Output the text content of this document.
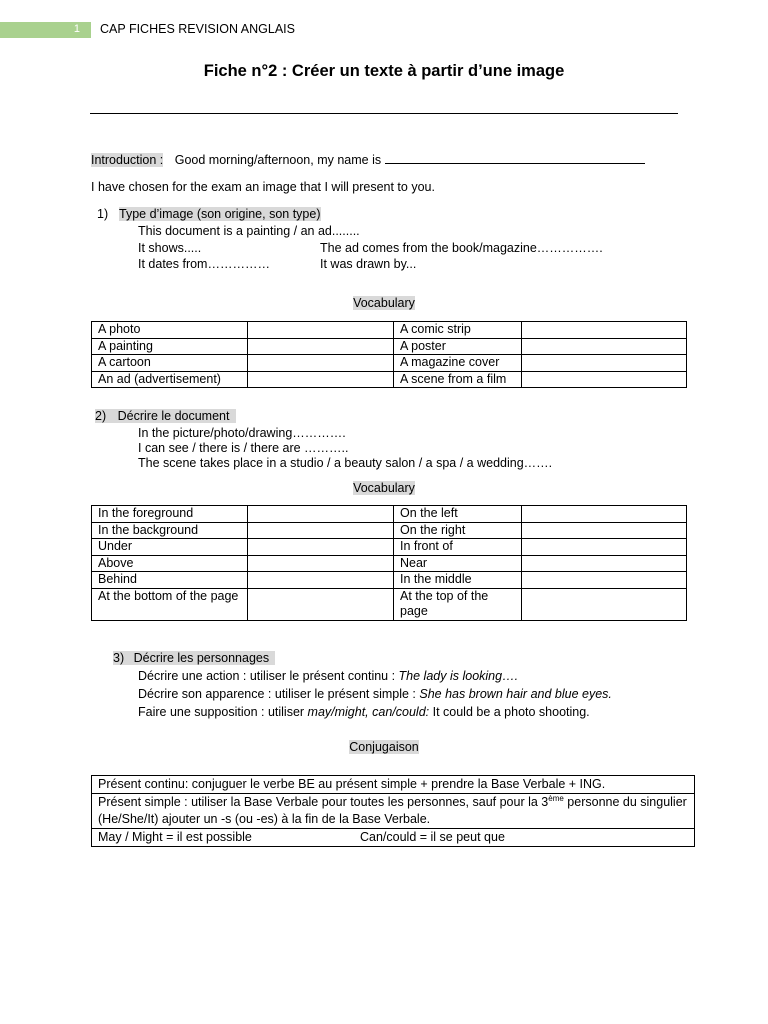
1 CAP FICHES REVISION ANGLAIS
Fiche n°2 : Créer un texte à partir d’une image
Introduction : Good morning/afternoon, my name is
I have chosen for the exam an image that I will present to you.
1) Type d’image (son origine, son type)
This document is a painting / an ad........
It shows.....	The ad comes from the book/magazine…………….
It dates from……………	It was drawn by...
Vocabulary
A photo		A comic strip	
A painting		A poster	
A cartoon		A magazine cover	
An ad (advertisement)		A scene from a film	
2) Décrire le document
In the picture/photo/drawing………….
I can see / there is / there are ………..
The scene takes place in a studio / a beauty salon / a spa / a wedding…….
Vocabulary
In the foreground		On the left	
In the background		On the right	
Under		In front of	
Above		Near	
Behind		In the middle	
At the bottom of the page		At the top of the page	
3) Décrire les personnages
Décrire une action : utiliser le présent continu : The lady is looking….
Décrire son apparence : utiliser le présent simple : She has brown hair and blue eyes.
Faire une supposition : utiliser may/might, can/could: It could be a photo shooting.
Conjugaison
Présent continu: conjuguer le verbe BE au présent simple + prendre la Base Verbale + ING.
Présent simple : utiliser la Base Verbale pour toutes les personnes, sauf pour la 3ème personne du singulier (He/She/It) ajouter un -s (ou -es) à la fin de la Base Verbale.
May / Might = il est possible	Can/could = il se peut que
